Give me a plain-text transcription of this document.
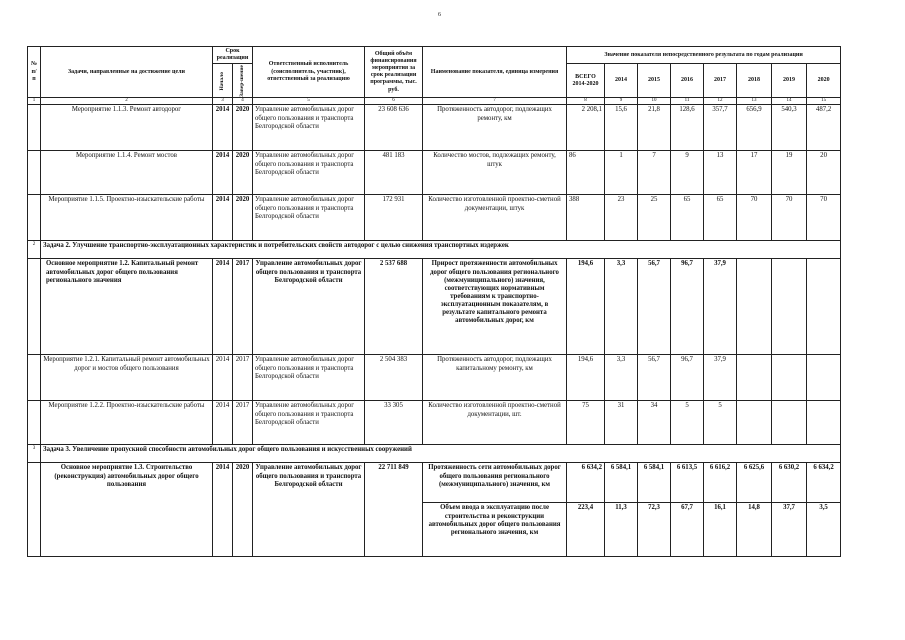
6
№ п/п	Задачи, направленные на достижение цели	Срок реализации		Ответственный исполнитель (соисполнитель, участник), ответственный за реализацию	Общий объём финансирования мероприятия за срок реализации программы, тыс. руб.	Наименование показателя, единица измерения	Значение показателя непосредственного результата по годам реализации							

		Начало	Завер-шение				ВСЕГО 2014-2020	2014	2015	2016	2017	2018	2019	2020
1	2	3	4	5	6	7	8	9	10	11	12	13	14	15
	Мероприятие 1.1.3. Ремонт автодорог	2014	2020	Управление автомобильных дорог общего пользования и транспорта Белгородской области	23 608 636	Протяженность автодорог, подлежащих ремонту, км	2 208,1	15,6	21,8	128,6	357,7	656,9	540,3	487,2
	Мероприятие 1.1.4. Ремонт мостов	2014	2020	Управление автомобильных дорог общего пользования и транспорта Белгородской области	481 183	Количество мостов, подлежащих ремонту, штук	86	1	7	9	13	17	19	20
	Мероприятие 1.1.5. Проектно-изыскательские работы	2014	2020	Управление автомобильных дорог общего пользования и транспорта Белгородской области	172 931	Количество изготовленной проектно-сметной документации, штук	388	23	25	65	65	70	70	70
2	Задача 2. Улучшение транспортно-эксплуатационных характеристик и потребительских свойств автодорог с целью снижения транспортных издержек													
	Основное мероприятие 1.2. Капитальный ремонт автомобильных дорог общего пользования регионального значения	2014	2017	Управление автомобильных дорог общего пользования и транспорта Белгородской области	2 537 688	Прирост протяженности автомобильных дорог общего пользования регионального (межмуниципального) значения, соответствующих нормативным требованиям к транспортно-эксплуатационным показателям, в результате капитального ремонта автомобильных дорог, км	194,6	3,3	56,7	96,7	37,9			
	Мероприятие 1.2.1. Капитальный ремонт автомобильных дорог и мостов общего пользования	2014	2017	Управление автомобильных дорог общего пользования и транспорта Белгородской области	2 504 383	Протяженность автодорог, подлежащих капитальному ремонту, км	194,6	3,3	56,7	96,7	37,9			
	Мероприятие 1.2.2. Проектно-изыскательские работы	2014	2017	Управление автомобильных дорог общего пользования и транспорта Белгородской области	33 305	Количество изготовленной проектно-сметной документации, шт.	75	31	34	5	5			
3	Задача 3. Увеличение пропускной способности автомобильных дорог общего пользования и искусственных сооружений													
	Основное мероприятие 1.3. Строительство (реконструкция) автомобильных дорог общего пользования	2014	2020	Управление автомобильных дорог общего пользования и транспорта Белгородской области	22 711 849	Протяженность сети автомобильных дорог общего пользования регионального (межмуниципального) значения, км	6 634,2	6 584,1	6 584,1	6 613,5	6 616,2	6 625,6	6 630,2	6 634,2
						Объем ввода в эксплуатацию после строительства и реконструкции автомобильных дорог общего пользования регионального значения, км	223,4	11,3	72,3	67,7	16,1	14,8	37,7	3,5
